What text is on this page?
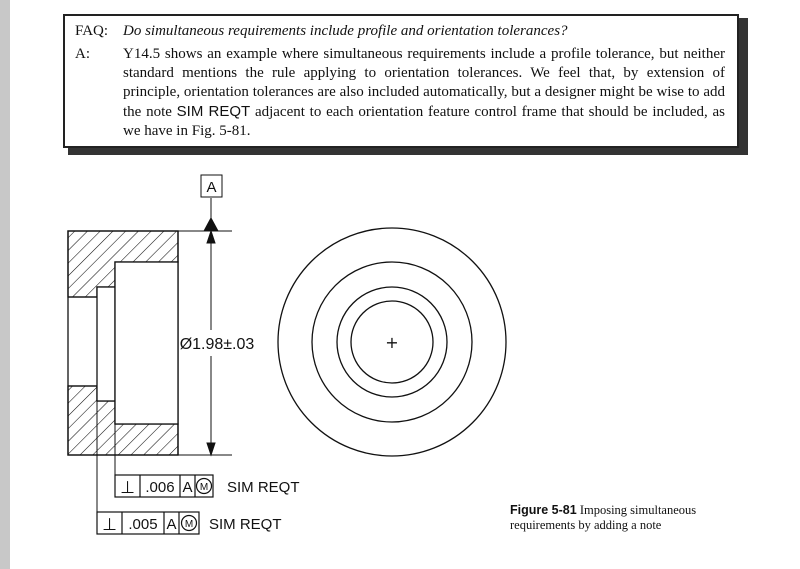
FAQ: Do simultaneous requirements include profile and orientation tolerances?
A:	Y14.5 shows an example where simultaneous requirements include a profile tolerance, but neither standard mentions the rule applying to orientation tolerances. We feel that, by extension of principle, orientation tolerances are also included automatically, but a designer might be wise to add the note SIM REQT adjacent to each orientation feature control frame that should be included, as we have in Fig. 5-81.
A
Ø1.98±.03	+
⊥ .006 A M SIM REQT
⊥ .005 A M SIM REQT
Figure 5-81 Imposing simultaneous requirements by adding a note
